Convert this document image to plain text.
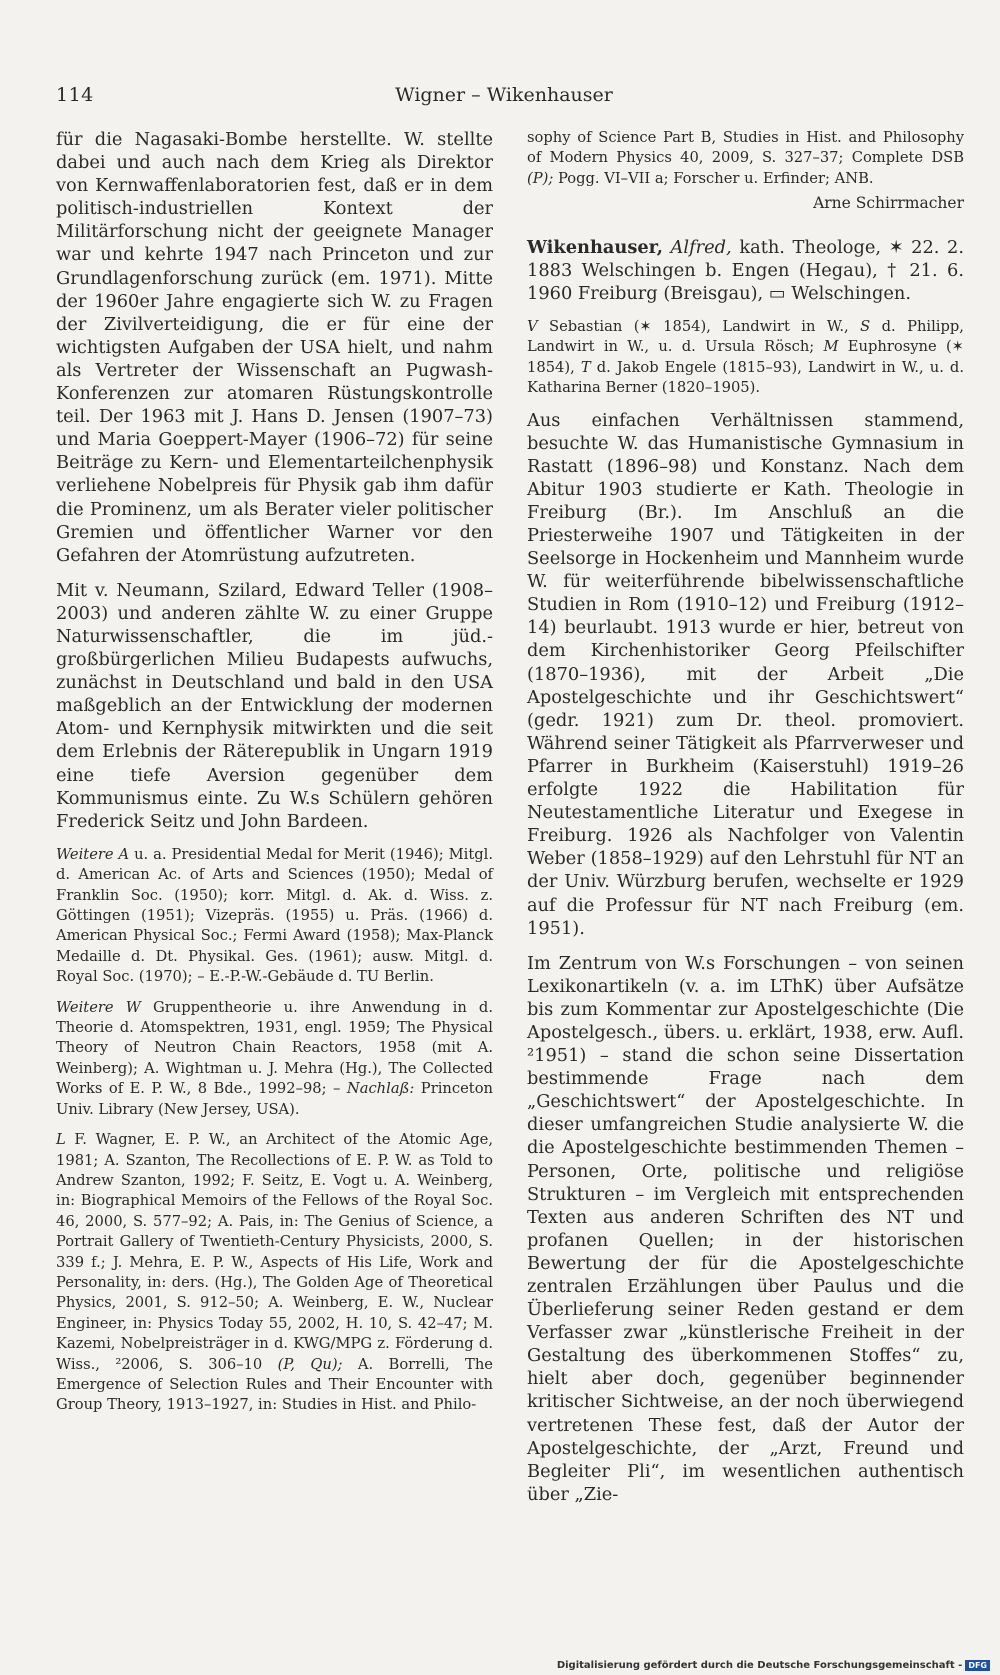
114	Wigner – Wikenhauser

für die Nagasaki-Bombe herstellte. W. stellte dabei und auch nach dem Krieg als Direktor von Kernwaffenlaboratorien fest, daß er in dem politisch-industriellen Kontext der Militärforschung nicht der geeignete Manager war und kehrte 1947 nach Princeton und zur Grundlagenforschung zurück (em. 1971). Mitte der 1960er Jahre engagierte sich W. zu Fragen der Zivilverteidigung, die er für eine der wichtigsten Aufgaben der USA hielt, und nahm als Vertreter der Wissenschaft an Pugwash-Konferenzen zur atomaren Rüstungskontrolle teil. Der 1963 mit J. Hans D. Jensen (1907–73) und Maria Goeppert-Mayer (1906–72) für seine Beiträge zu Kern- und Elementarteilchenphysik verliehene Nobelpreis für Physik gab ihm dafür die Prominenz, um als Berater vieler politischer Gremien und öffentlicher Warner vor den Gefahren der Atomrüstung aufzutreten.

Mit v. Neumann, Szilard, Edward Teller (1908–2003) und anderen zählte W. zu einer Gruppe Naturwissenschaftler, die im jüd.-großbürgerlichen Milieu Budapests aufwuchs, zunächst in Deutschland und bald in den USA maßgeblich an der Entwicklung der modernen Atom- und Kernphysik mitwirkten und die seit dem Erlebnis der Räterepublik in Ungarn 1919 eine tiefe Aversion gegenüber dem Kommunismus einte. Zu W.s Schülern gehören Frederick Seitz und John Bardeen.

Weitere A u. a. Presidential Medal for Merit (1946); Mitgl. d. American Ac. of Arts and Sciences (1950); Medal of Franklin Soc. (1950); korr. Mitgl. d. Ak. d. Wiss. z. Göttingen (1951); Vizepräs. (1955) u. Präs. (1966) d. American Physical Soc.; Fermi Award (1958); Max-Planck Medaille d. Dt. Physikal. Ges. (1961); ausw. Mitgl. d. Royal Soc. (1970); – E.-P.-W.-Gebäude d. TU Berlin.

Weitere W Gruppentheorie u. ihre Anwendung in d. Theorie d. Atomspektren, 1931, engl. 1959; The Physical Theory of Neutron Chain Reactors, 1958 (mit A. Weinberg); A. Wightman u. J. Mehra (Hg.), The Collected Works of E. P. W., 8 Bde., 1992–98; – Nachlaß: Princeton Univ. Library (New Jersey, USA).

L F. Wagner, E. P. W., an Architect of the Atomic Age, 1981; A. Szanton, The Recollections of E. P. W. as Told to Andrew Szanton, 1992; F. Seitz, E. Vogt u. A. Weinberg, in: Biographical Memoirs of the Fellows of the Royal Soc. 46, 2000, S. 577–92; A. Pais, in: The Genius of Science, a Portrait Gallery of Twentieth-Century Physicists, 2000, S. 339 f.; J. Mehra, E. P. W., Aspects of His Life, Work and Personality, in: ders. (Hg.), The Golden Age of Theoretical Physics, 2001, S. 912–50; A. Weinberg, E. W., Nuclear Engineer, in: Physics Today 55, 2002, H. 10, S. 42–47; M. Kazemi, Nobelpreisträger in d. KWG/MPG z. Förderung d. Wiss., ²2006, S. 306–10 (P, Qu); A. Borrelli, The Emergence of Selection Rules and Their Encounter with Group Theory, 1913–1927, in: Studies in Hist. and Philo-

sophy of Science Part B, Studies in Hist. and Philosophy of Modern Physics 40, 2009, S. 327–37; Complete DSB (P); Pogg. VI–VII a; Forscher u. Erfinder; ANB.

Arne Schirrmacher

Wikenhauser, Alfred, kath. Theologe, ✶ 22. 2. 1883 Welschingen b. Engen (Hegau), † 21. 6. 1960 Freiburg (Breisgau), ▭ Welschingen.

V Sebastian (✶ 1854), Landwirt in W., S d. Philipp, Landwirt in W., u. d. Ursula Rösch; M Euphrosyne (✶ 1854), T d. Jakob Engele (1815–93), Landwirt in W., u. d. Katharina Berner (1820–1905).

Aus einfachen Verhältnissen stammend, besuchte W. das Humanistische Gymnasium in Rastatt (1896–98) und Konstanz. Nach dem Abitur 1903 studierte er Kath. Theologie in Freiburg (Br.). Im Anschluß an die Priesterweihe 1907 und Tätigkeiten in der Seelsorge in Hockenheim und Mannheim wurde W. für weiterführende bibelwissenschaftliche Studien in Rom (1910–12) und Freiburg (1912–14) beurlaubt. 1913 wurde er hier, betreut von dem Kirchenhistoriker Georg Pfeilschifter (1870–1936), mit der Arbeit „Die Apostelgeschichte und ihr Geschichtswert“ (gedr. 1921) zum Dr. theol. promoviert. Während seiner Tätigkeit als Pfarrverweser und Pfarrer in Burkheim (Kaiserstuhl) 1919–26 erfolgte 1922 die Habilitation für Neutestamentliche Literatur und Exegese in Freiburg. 1926 als Nachfolger von Valentin Weber (1858–1929) auf den Lehrstuhl für NT an der Univ. Würzburg berufen, wechselte er 1929 auf die Professur für NT nach Freiburg (em. 1951).

Im Zentrum von W.s Forschungen – von seinen Lexikonartikeln (v. a. im LThK) über Aufsätze bis zum Kommentar zur Apostelgeschichte (Die Apostelgesch., übers. u. erklärt, 1938, erw. Aufl. ²1951) – stand die schon seine Dissertation bestimmende Frage nach dem „Geschichtswert“ der Apostelgeschichte. In dieser umfangreichen Studie analysierte W. die die Apostelgeschichte bestimmenden Themen – Personen, Orte, politische und religiöse Strukturen – im Vergleich mit entsprechenden Texten aus anderen Schriften des NT und profanen Quellen; in der historischen Bewertung der für die Apostelgeschichte zentralen Erzählungen über Paulus und die Überlieferung seiner Reden gestand er dem Verfasser zwar „künstlerische Freiheit in der Gestaltung des überkommenen Stoffes“ zu, hielt aber doch, gegenüber beginnender kritischer Sichtweise, an der noch überwiegend vertretenen These fest, daß der Autor der Apostelgeschichte, der „Arzt, Freund und Begleiter Pli“, im wesentlichen authentisch über „Zie-

Digitalisierung gefördert durch die Deutsche Forschungsgemeinschaft - DFG
